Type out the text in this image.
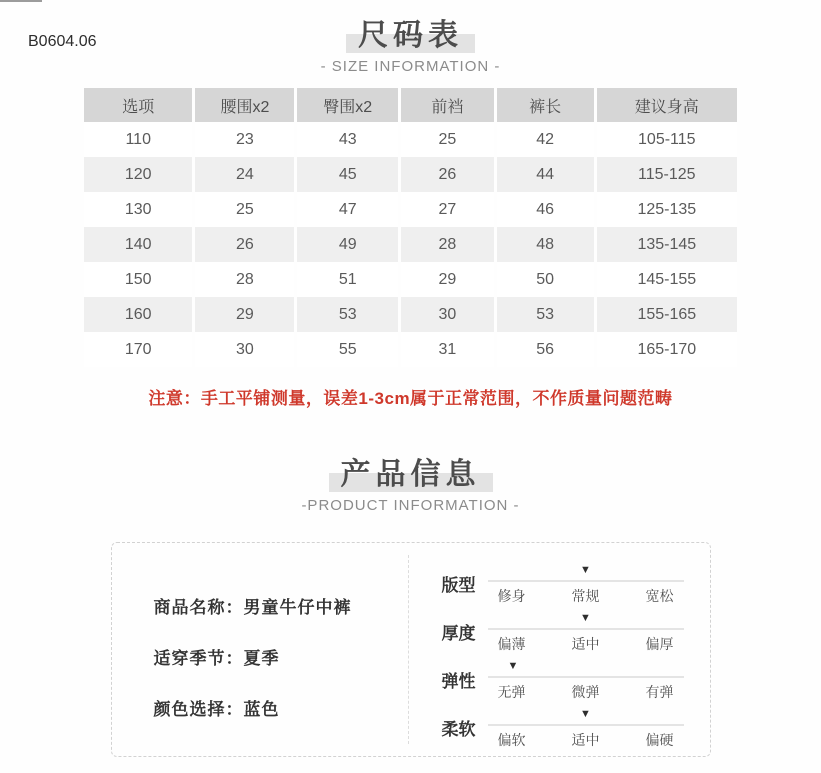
B0604.06	尺码表
- SIZE INFORMATION -
选项	腰围x2	臀围x2	前裆	裤长	建议身高
110	23	43	25	42	105-115
120	24	45	26	44	115-125
130	25	47	27	46	125-135
140	26	49	28	48	135-145
150	28	51	29	50	145-155
160	29	53	30	53	155-165
170	30	55	31	56	165-170
注意：手工平铺测量，误差1-3cm属于正常范围，不作质量问题范畴
产品信息
-PRODUCT INFORMATION -
商品名称：男童牛仔中裤
适穿季节：夏季
颜色选择：蓝色
版型
▼
修身	常规	宽松
厚度
▼
偏薄	适中	偏厚
弹性
▼
无弹	微弹	有弹
柔软
▼
偏软	适中	偏硬
